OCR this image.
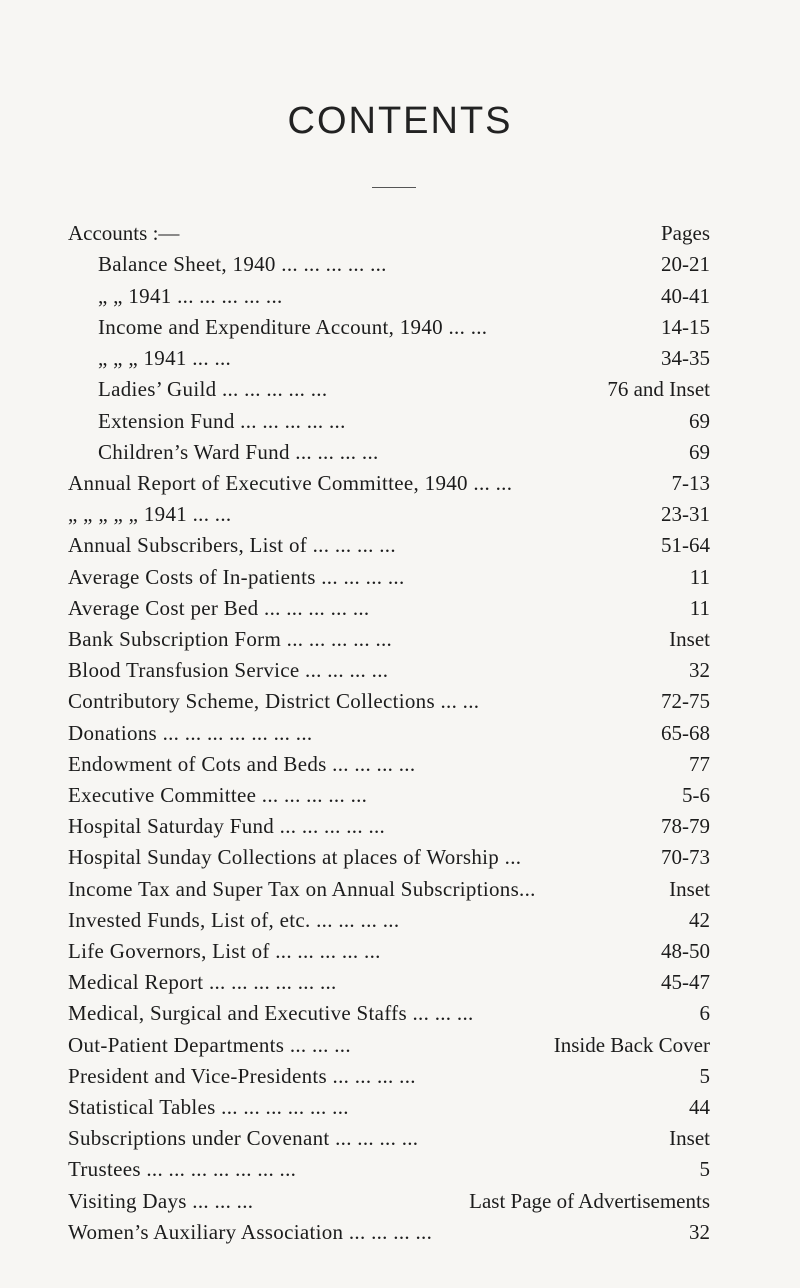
CONTENTS
Accounts :—	Pages
Balance Sheet, 1940 ... ... ... ... ...	20-21
„ „ 1941 ... ... ... ... ...	40-41
Income and Expenditure Account, 1940 ... ...	14-15
„ „ „ 1941 ... ...	34-35
Ladies’ Guild ... ... ... ... ...	76 and Inset
Extension Fund ... ... ... ... ...	69
Children’s Ward Fund ... ... ... ...	69
Annual Report of Executive Committee, 1940 ... ...	7-13
„ „ „ „ „ 1941 ... ...	23-31
Annual Subscribers, List of ... ... ... ...	51-64
Average Costs of In-patients ... ... ... ...	11
Average Cost per Bed ... ... ... ... ...	11
Bank Subscription Form ... ... ... ... ...	Inset
Blood Transfusion Service ... ... ... ...	32
Contributory Scheme, District Collections ... ...	72-75
Donations ... ... ... ... ... ... ...	65-68
Endowment of Cots and Beds ... ... ... ...	77
Executive Committee ... ... ... ... ...	5-6
Hospital Saturday Fund ... ... ... ... ...	78-79
Hospital Sunday Collections at places of Worship ...	70-73
Income Tax and Super Tax on Annual Subscriptions...	Inset
Invested Funds, List of, etc. ... ... ... ...	42
Life Governors, List of ... ... ... ... ...	48-50
Medical Report ... ... ... ... ... ...	45-47
Medical, Surgical and Executive Staffs ... ... ...	6
Out-Patient Departments ... ... ...	Inside Back Cover
President and Vice-Presidents ... ... ... ...	5
Statistical Tables ... ... ... ... ... ...	44
Subscriptions under Covenant ... ... ... ...	Inset
Trustees ... ... ... ... ... ... ...	5
Visiting Days ... ... ...	Last Page of Advertisements
Women’s Auxiliary Association ... ... ... ...	32
